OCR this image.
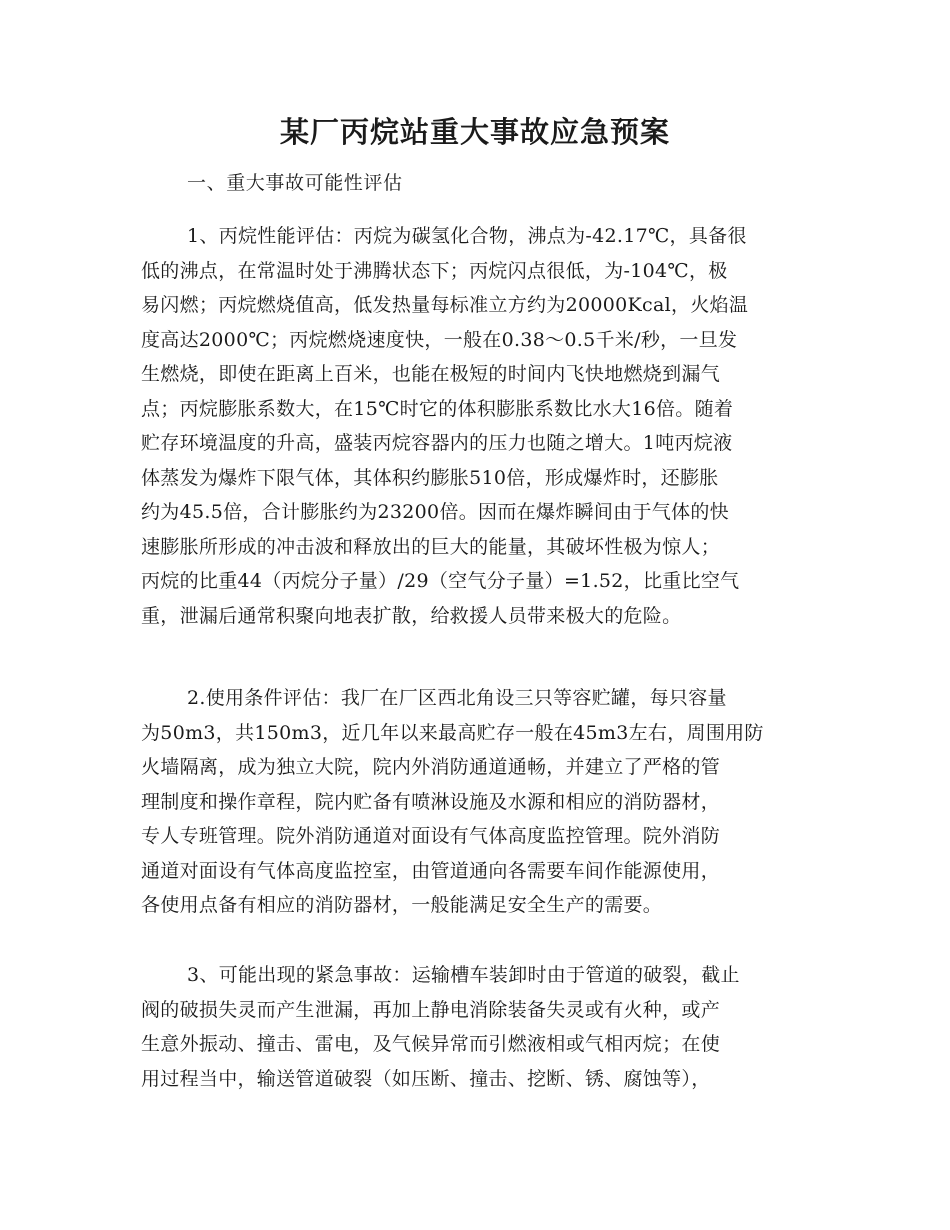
某厂丙烷站重大事故应急预案
一、重大事故可能性评估
1、丙烷性能评估：丙烷为碳氢化合物，沸点为-42.17℃，具备很
低的沸点，在常温时处于沸腾状态下；丙烷闪点很低，为-104℃，极
易闪燃；丙烷燃烧值高，低发热量每标准立方约为20000Kcal，火焰温
度高达2000℃；丙烷燃烧速度快，一般在0.38～0.5千米/秒，一旦发
生燃烧，即使在距离上百米，也能在极短的时间内飞快地燃烧到漏气
点；丙烷膨胀系数大，在15℃时它的体积膨胀系数比水大16倍。随着
贮存环境温度的升高，盛装丙烷容器内的压力也随之增大。1吨丙烷液
体蒸发为爆炸下限气体，其体积约膨胀510倍，形成爆炸时，还膨胀
约为45.5倍，合计膨胀约为23200倍。因而在爆炸瞬间由于气体的快
速膨胀所形成的冲击波和释放出的巨大的能量，其破坏性极为惊人；
丙烷的比重44（丙烷分子量）/29（空气分子量）=1.52，比重比空气
重，泄漏后通常积聚向地表扩散，给救援人员带来极大的危险。
2.使用条件评估：我厂在厂区西北角设三只等容贮罐，每只容量
为50m3，共150m3，近几年以来最高贮存一般在45m3左右，周围用防
火墙隔离，成为独立大院，院内外消防通道通畅，并建立了严格的管
理制度和操作章程，院内贮备有喷淋设施及水源和相应的消防器材，
专人专班管理。院外消防通道对面设有气体高度监控管理。院外消防
通道对面设有气体高度监控室，由管道通向各需要车间作能源使用，
各使用点备有相应的消防器材，一般能满足安全生产的需要。
3、可能出现的紧急事故：运输槽车装卸时由于管道的破裂，截止
阀的破损失灵而产生泄漏，再加上静电消除装备失灵或有火种，或产
生意外振动、撞击、雷电，及气候异常而引燃液相或气相丙烷；在使
用过程当中，输送管道破裂（如压断、撞击、挖断、锈、腐蚀等），
